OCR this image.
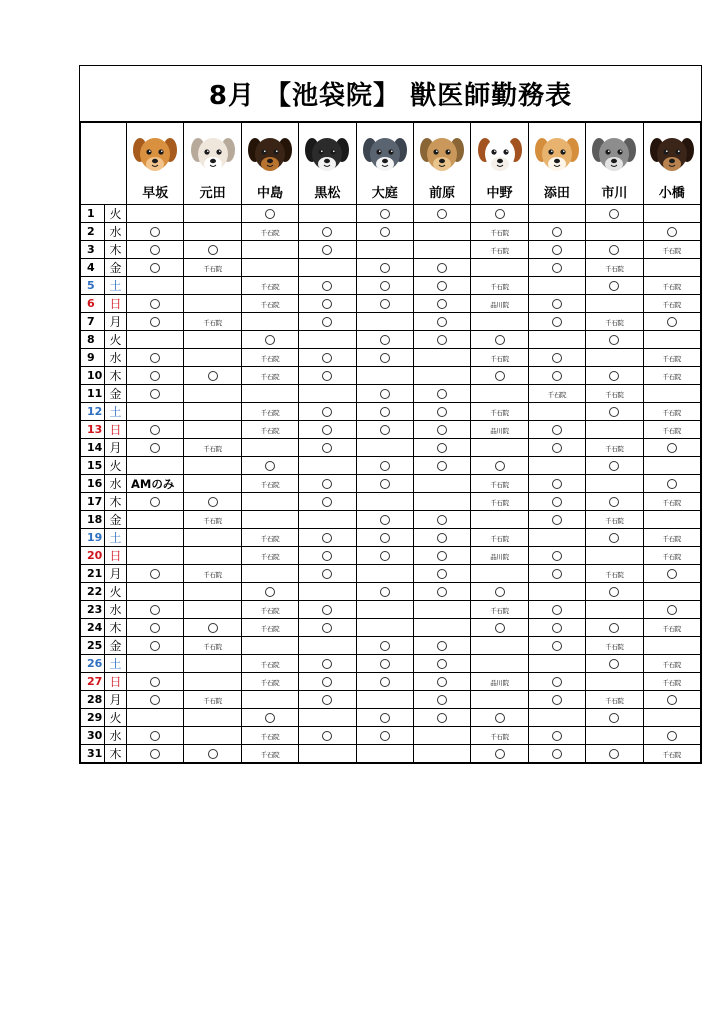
8月 【池袋院】 獣医師勤務表

		早坂	元田	中島	黒松	大庭	前原	中野	添田	市川	小橋

1	火										
2	水			千石院				千石院			
3	木							千石院			千石院
4	金		千石院							千石院	
5	土			千石院				千石院			千石院
6	日			千石院				品川院			千石院
7	月		千石院							千石院	
8	火										
9	水			千石院				千石院			千石院
10	木			千石院							千石院
11	金								千石院	千石院	
12	土			千石院				千石院			千石院
13	日			千石院				品川院			千石院
14	月		千石院							千石院	
15	火										
16	水	AMのみ		千石院				千石院			
17	木							千石院			千石院
18	金		千石院							千石院	
19	土			千石院				千石院			千石院
20	日			千石院				品川院			千石院
21	月		千石院							千石院	
22	火										
23	水			千石院				千石院			
24	木			千石院							千石院
25	金		千石院							千石院	
26	土			千石院							千石院
27	日			千石院				品川院			千石院
28	月		千石院							千石院	
29	火										
30	水			千石院				千石院			
31	木			千石院							千石院
